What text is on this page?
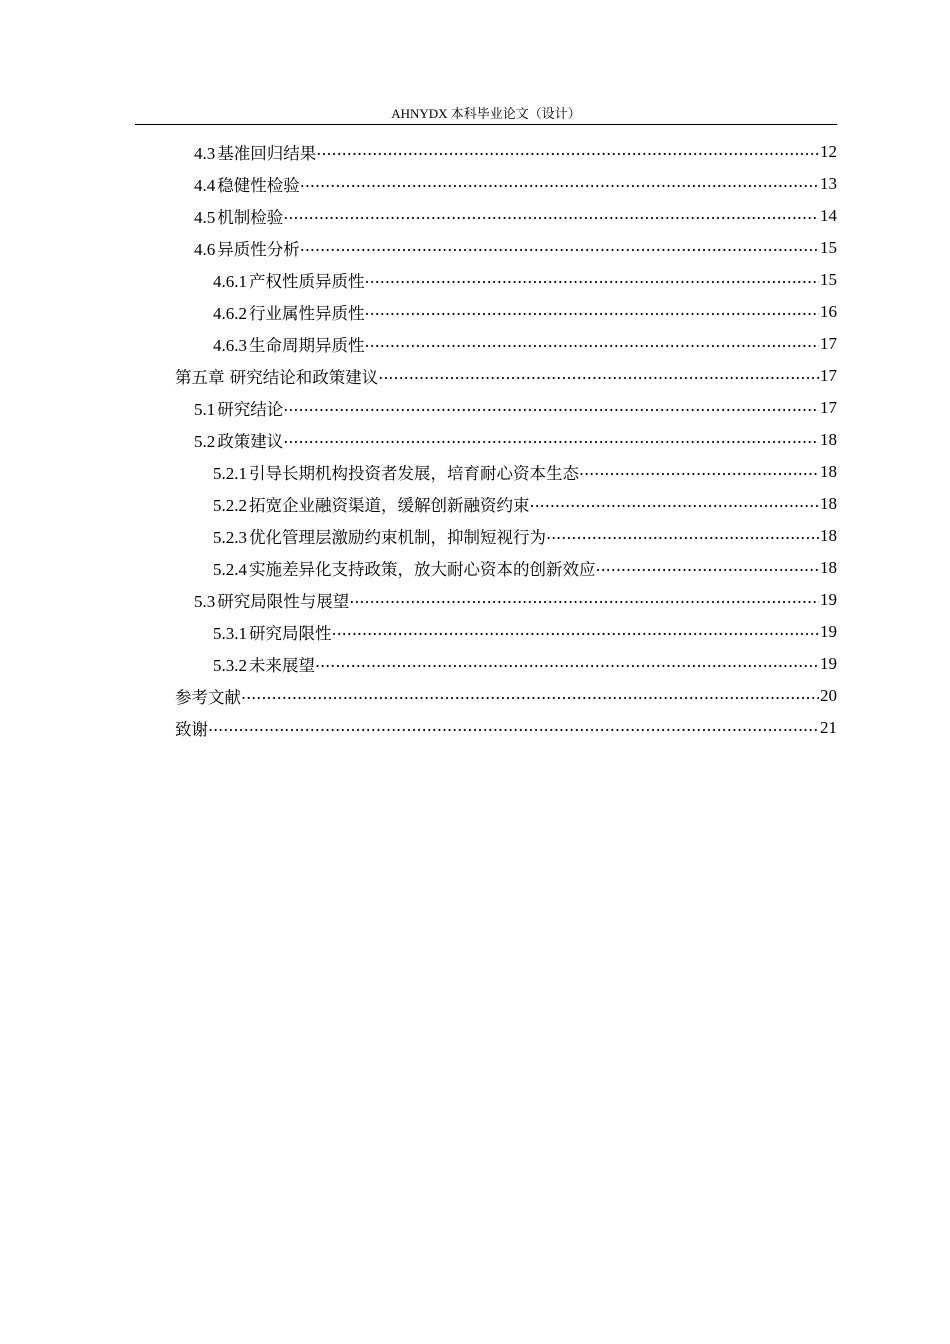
AHNYDX 本科毕业论文（设计）
4.3 基准回归结果 .....	12
4.4 稳健性检验 .....	13
4.5 机制检验 .....	14
4.6 异质性分析 .....	15
4.6.1 产权性质异质性 .....	15
4.6.2 行业属性异质性 .....	16
4.6.3 生命周期异质性 .....	17
第五章 研究结论和政策建议 .....	17
5.1 研究结论 .....	17
5.2 政策建议 .....	18
5.2.1 引导长期机构投资者发展，培育耐心资本生态 .....	18
5.2.2 拓宽企业融资渠道，缓解创新融资约束 .....	18
5.2.3 优化管理层激励约束机制，抑制短视行为 .....	18
5.2.4 实施差异化支持政策，放大耐心资本的创新效应 .....	18
5.3 研究局限性与展望 .....	19
5.3.1 研究局限性 .....	19
5.3.2 未来展望 .....	19
参考文献 .....	20
致谢 .....	21
